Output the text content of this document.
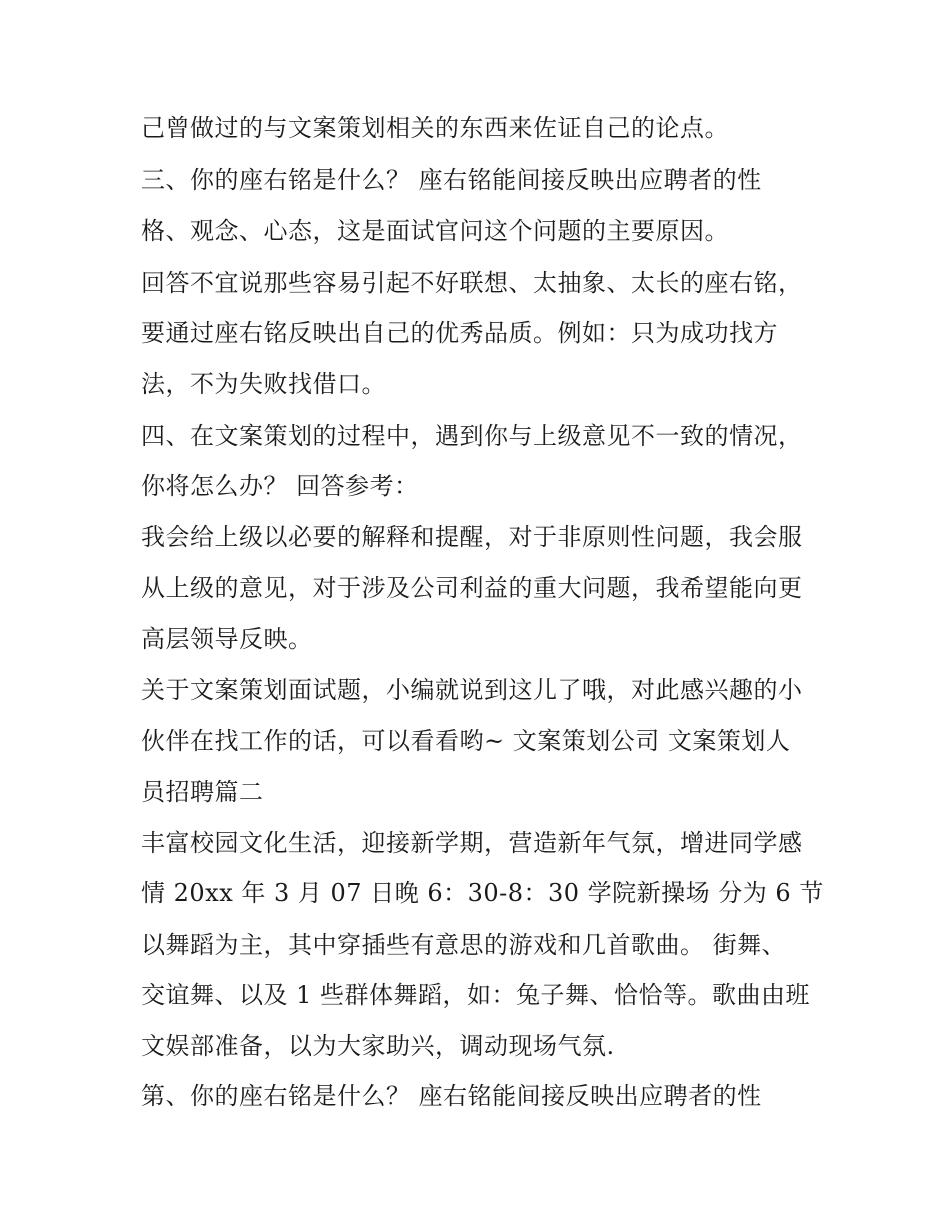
己曾做过的与文案策划相关的东西来佐证自己的论点。

三、你的座右铭是什么？ 座右铭能间接反映出应聘者的性

格、观念、心态，这是面试官问这个问题的主要原因。

回答不宜说那些容易引起不好联想、太抽象、太长的座右铭，

要通过座右铭反映出自己的优秀品质。例如：只为成功找方

法，不为失败找借口。

四、在文案策划的过程中，遇到你与上级意见不一致的情况，

你将怎么办？ 回答参考：

我会给上级以必要的解释和提醒，对于非原则性问题，我会服

从上级的意见，对于涉及公司利益的重大问题，我希望能向更

高层领导反映。

关于文案策划面试题，小编就说到这儿了哦，对此感兴趣的小

伙伴在找工作的话，可以看看哟~ 文案策划公司 文案策划人

员招聘篇二

丰富校园文化生活，迎接新学期，营造新年气氛，增进同学感

情 20xx 年 3 月 07 日晚 6：30-8：30 学院新操场 分为 6 节

以舞蹈为主，其中穿插些有意思的游戏和几首歌曲。 街舞、

交谊舞、以及 1 些群体舞蹈，如：兔子舞、恰恰等。歌曲由班

文娱部准备，以为大家助兴，调动现场气氛.

第、你的座右铭是什么？ 座右铭能间接反映出应聘者的性
